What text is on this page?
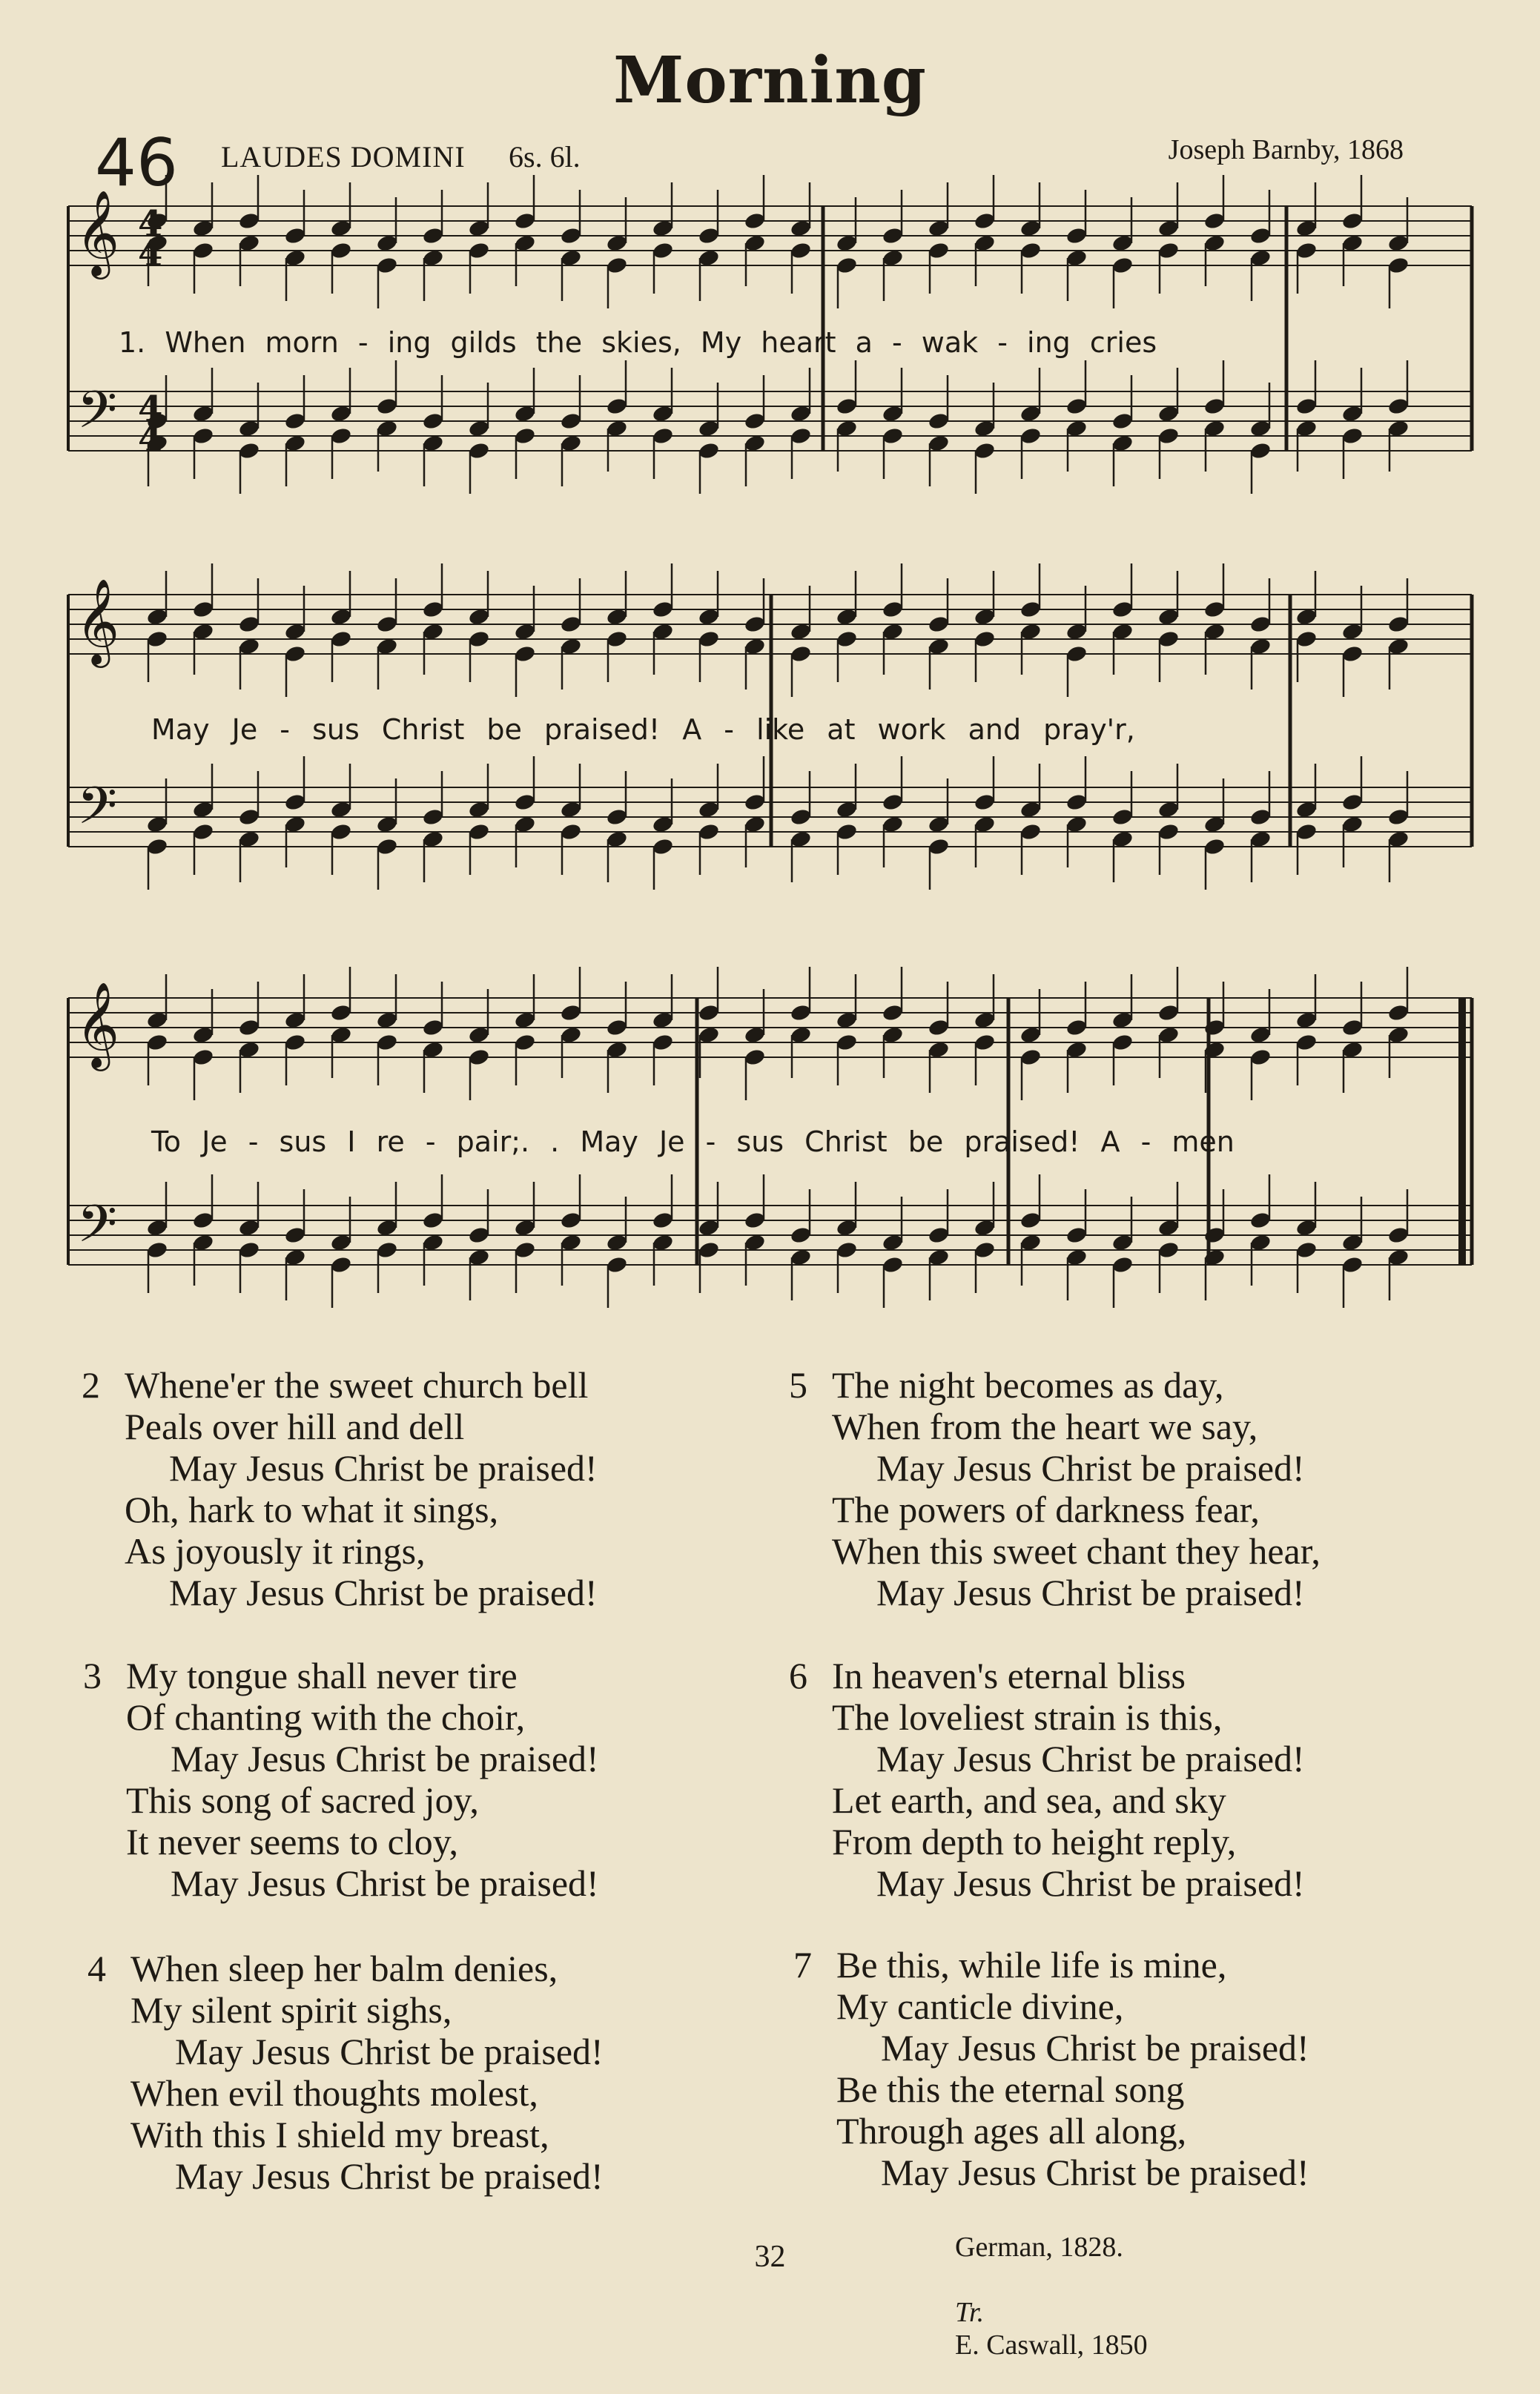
Morning
46 LAUDES DOMINI 6s. 6l.	Joseph Barnby, 1868
𝄞
𝄢
𝄞
𝄢
𝄞
𝄢
4
4
4
4
1. When morn - ing gilds the skies, My heart a - wak - ing cries
May Je - sus Christ be praised! A - like at work and pray'r,
To Je - sus I re - pair;. . May Je - sus Christ be praised! A - men
2 Whene'er the sweet church bell
Peals over hill and dell
May Jesus Christ be praised!
Oh, hark to what it sings,
As joyously it rings,
May Jesus Christ be praised!
3 My tongue shall never tire
Of chanting with the choir,
May Jesus Christ be praised!
This song of sacred joy,
It never seems to cloy,
May Jesus Christ be praised!
4 When sleep her balm denies,
My silent spirit sighs,
May Jesus Christ be praised!
When evil thoughts molest,
With this I shield my breast,
May Jesus Christ be praised!
5 The night becomes as day,
When from the heart we say,
May Jesus Christ be praised!
The powers of darkness fear,
When this sweet chant they hear,
May Jesus Christ be praised!
6 In heaven's eternal bliss
The loveliest strain is this,
May Jesus Christ be praised!
Let earth, and sea, and sky
From depth to height reply,
May Jesus Christ be praised!
7 Be this, while life is mine,
My canticle divine,
May Jesus Christ be praised!
Be this the eternal song
Through ages all along,
May Jesus Christ be praised!

German, 1828.

Tr.
E. Caswall, 1850

32
